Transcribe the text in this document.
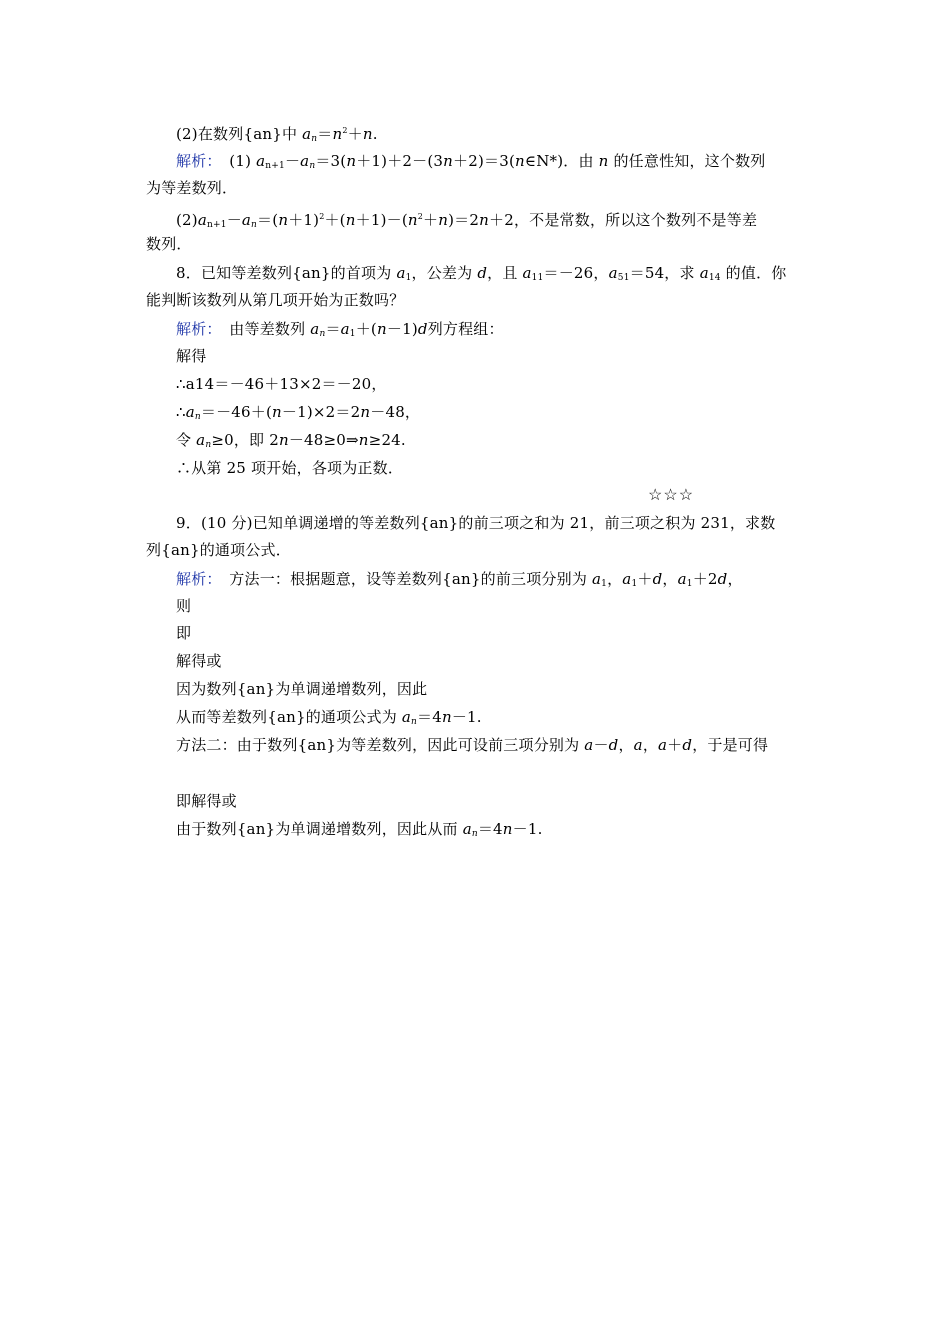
(2)在数列{an}中 $a_n=n^2+n$.
解析：　(1) $a_{n+1}-a_n=3(n+1)+2-(3n+2)=3(n\in N*)$．由 n 的任意性知，这个数列
为等差数列．
$(2)a_{n+1}-a_n=(n+1)^2+(n+1)-(n^2+n)=2n+2$，不是常数，所以这个数列不是等差
数列．
8．已知等差数列{an}的首项为 $a_1$，公差为 d，且 $a_{11}=-26$，$a_{51}=54$，求 $a_{14}$ 的值．你
能判断该数列从第几项开始为正数吗？
解析：　由等差数列 $a_n=a_1+(n-1)d$列方程组：
解得
∴a14＝－46＋13×2＝－20，
$\therefore a_n=-46+(n-1)\times 2=2n-48$，
令 $a_n\ge 0$，即 2n－48≥0⇒n≥24.
∴从第 25 项开始，各项为正数．
☆☆☆
9．(10 分)已知单调递增的等差数列{an}的前三项之和为 21，前三项之积为 231，求数
列{an}的通项公式．
解析：　方法一：根据题意，设等差数列{an}的前三项分别为 $a_1$，$a_1+d$，$a_1+2d$，
则
即
解得或
因为数列{an}为单调递增数列，因此
从而等差数列{an}的通项公式为 $a_n=4n-1$.
方法二：由于数列{an}为等差数列，因此可设前三项分别为 a－d，a，a＋d，于是可得
即解得或
由于数列{an}为单调递增数列，因此从而 $a_n=4n-1$.
